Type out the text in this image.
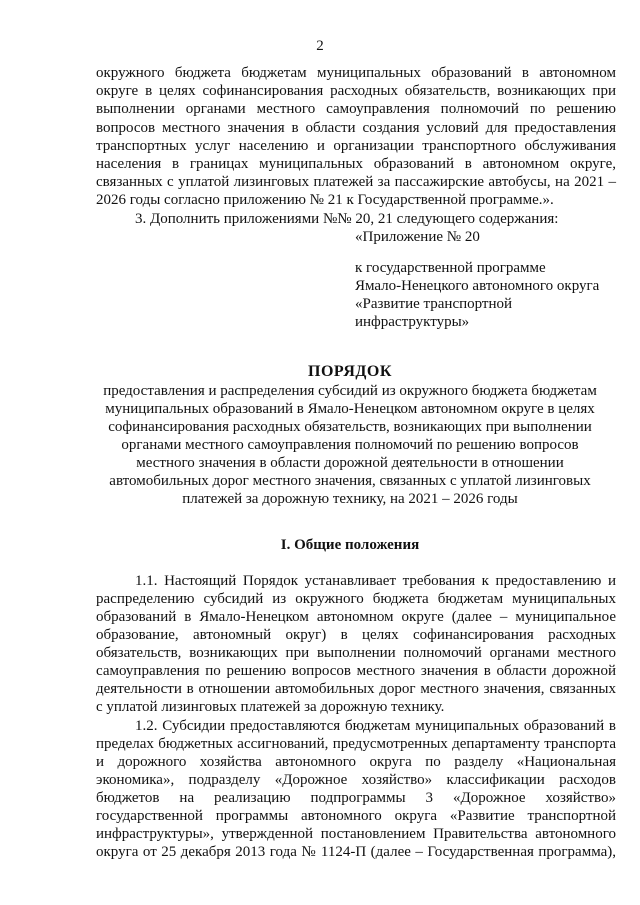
2
окружного бюджета бюджетам муниципальных образований в автономном
округе в целях софинансирования расходных обязательств, возникающих при
выполнении органами местного самоуправления полномочий по решению
вопросов местного значения в области создания условий для предоставления
транспортных услуг населению и организации транспортного обслуживания
населения в границах муниципальных образований в автономном округе,
связанных с уплатой лизинговых платежей за пассажирские автобусы, на 2021 –
2026 годы согласно приложению № 21 к Государственной программе.».
3. Дополнить приложениями №№ 20, 21 следующего содержания:
«Приложение № 20
к государственной программе
Ямало-Ненецкого автономного округа
«Развитие транспортной
инфраструктуры»
ПОРЯДОК
предоставления и распределения субсидий из окружного бюджета бюджетам
муниципальных образований в Ямало-Ненецком автономном округе в целях
софинансирования расходных обязательств, возникающих при выполнении
органами местного самоуправления полномочий по решению вопросов
местного значения в области дорожной деятельности в отношении
автомобильных дорог местного значения, связанных с уплатой лизинговых
платежей за дорожную технику, на 2021 – 2026 годы
I. Общие положения
1.1. Настоящий Порядок устанавливает требования к предоставлению и
распределению субсидий из окружного бюджета бюджетам муниципальных
образований в Ямало-Ненецком автономном округе (далее – муниципальное
образование, автономный округ) в целях софинансирования расходных
обязательств, возникающих при выполнении полномочий органами местного
самоуправления по решению вопросов местного значения в области дорожной
деятельности в отношении автомобильных дорог местного значения, связанных
с уплатой лизинговых платежей за дорожную технику.
1.2. Субсидии предоставляются бюджетам муниципальных образований в
пределах бюджетных ассигнований, предусмотренных департаменту транспорта
и дорожного хозяйства автономного округа по разделу «Национальная
экономика», подразделу «Дорожное хозяйство» классификации расходов
бюджетов на реализацию подпрограммы 3 «Дорожное хозяйство»
государственной программы автономного округа «Развитие транспортной
инфраструктуры», утвержденной постановлением Правительства автономного
округа от 25 декабря 2013 года № 1124-П (далее – Государственная программа),
